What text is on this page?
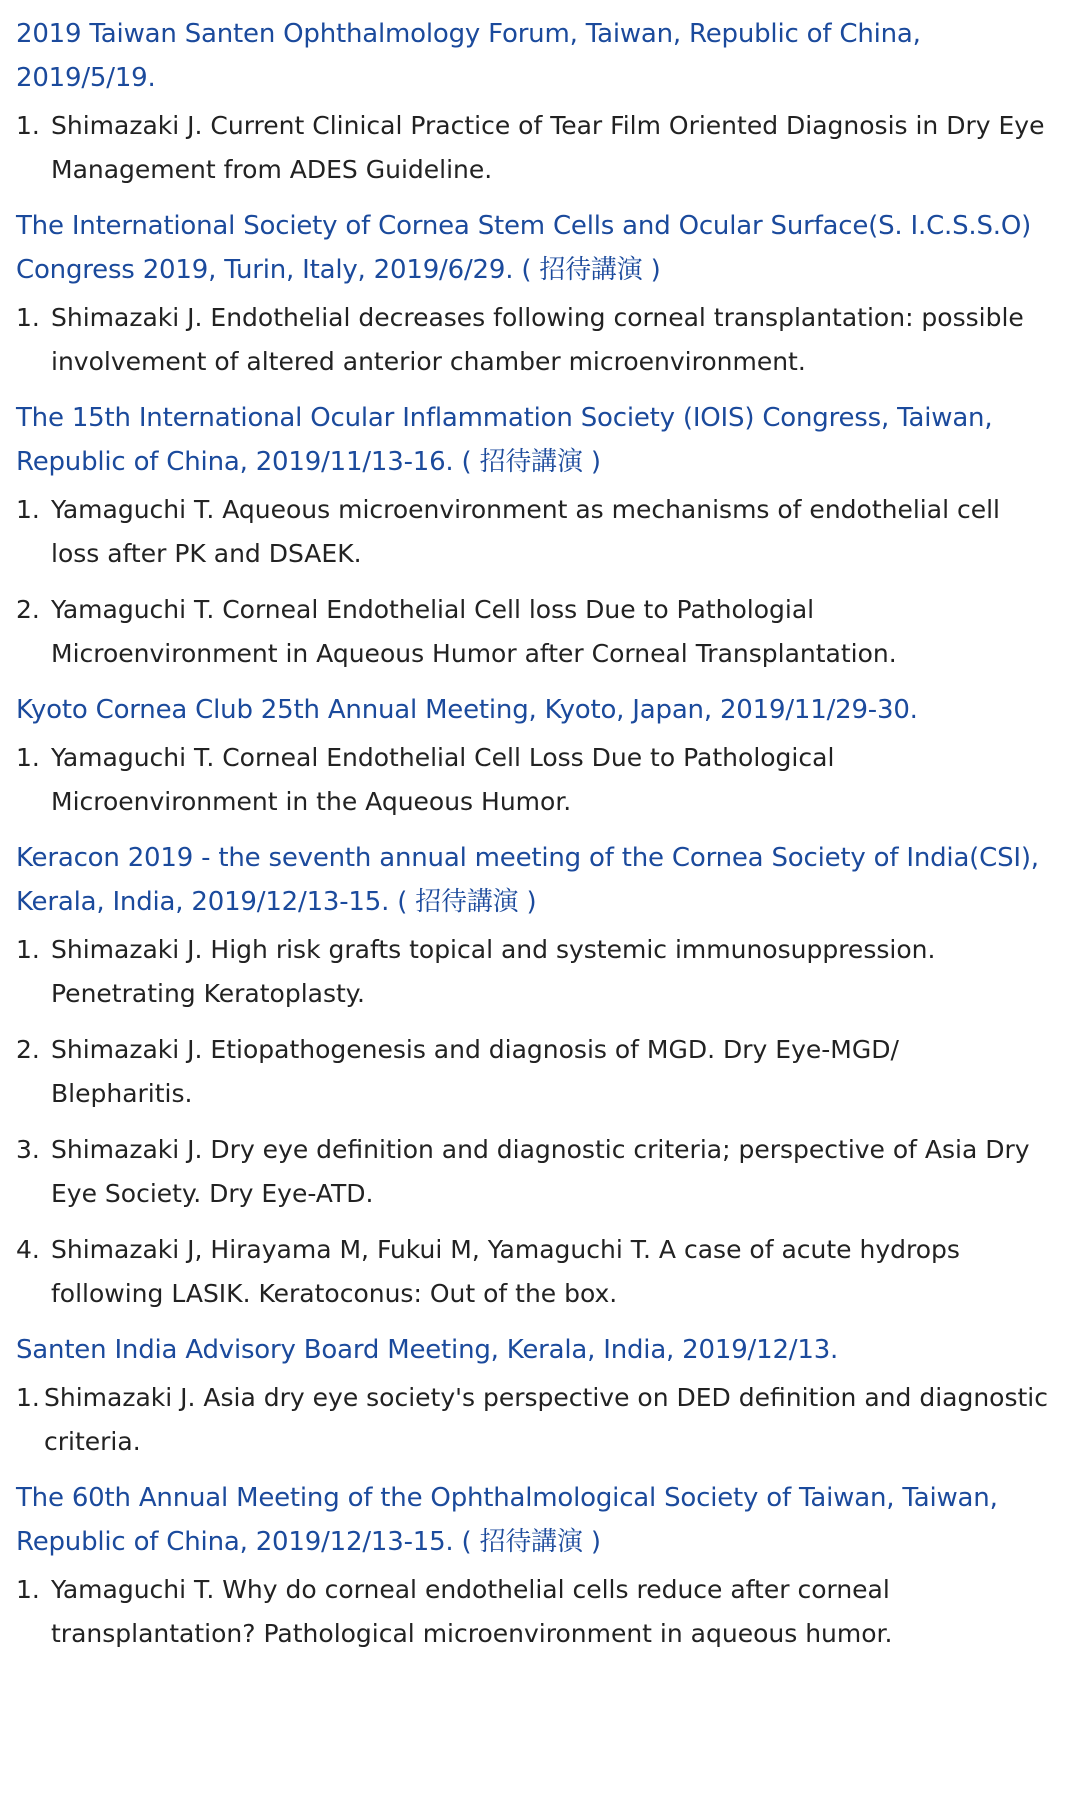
2019 Taiwan Santen Ophthalmology Forum, Taiwan, Republic of China, 2019/5/19.
1. Shimazaki J. Current Clinical Practice of Tear Film Oriented Diagnosis in Dry Eye Management from ADES Guideline.
The International Society of Cornea Stem Cells and Ocular Surface(S. I.C.S.S.O) Congress 2019, Turin, Italy, 2019/6/29. ( 招待講演 )
1. Shimazaki J. Endothelial decreases following corneal transplantation: possible involvement of altered anterior chamber microenvironment.
The 15th International Ocular Inflammation Society (IOIS) Congress, Taiwan, Republic of China, 2019/11/13-16. ( 招待講演 )
1. Yamaguchi T. Aqueous microenvironment as mechanisms of endothelial cell loss after PK and DSAEK.
2. Yamaguchi T. Corneal Endothelial Cell loss Due to Pathologial Microenvironment in Aqueous Humor after Corneal Transplantation.
Kyoto Cornea Club 25th Annual Meeting, Kyoto, Japan, 2019/11/29-30.
1. Yamaguchi T. Corneal Endothelial Cell Loss Due to Pathological Microenvironment in the Aqueous Humor.
Keracon 2019 - the seventh annual meeting of the Cornea Society of India(CSI), Kerala, India, 2019/12/13-15. ( 招待講演 )
1. Shimazaki J. High risk grafts topical and systemic immunosuppression. Penetrating Keratoplasty.
2. Shimazaki J. Etiopathogenesis and diagnosis of MGD. Dry Eye-MGD/ Blepharitis.
3. Shimazaki J. Dry eye definition and diagnostic criteria; perspective of Asia Dry Eye Society. Dry Eye-ATD.
4. Shimazaki J, Hirayama M, Fukui M, Yamaguchi T. A case of acute hydrops following LASIK. Keratoconus: Out of the box.
Santen India Advisory Board Meeting, Kerala, India, 2019/12/13.
1. Shimazaki J. Asia dry eye society's perspective on DED definition and diagnostic criteria.
The 60th Annual Meeting of the Ophthalmological Society of Taiwan, Taiwan, Republic of China, 2019/12/13-15. ( 招待講演 )
1. Yamaguchi T. Why do corneal endothelial cells reduce after corneal transplantation? Pathological microenvironment in aqueous humor.
